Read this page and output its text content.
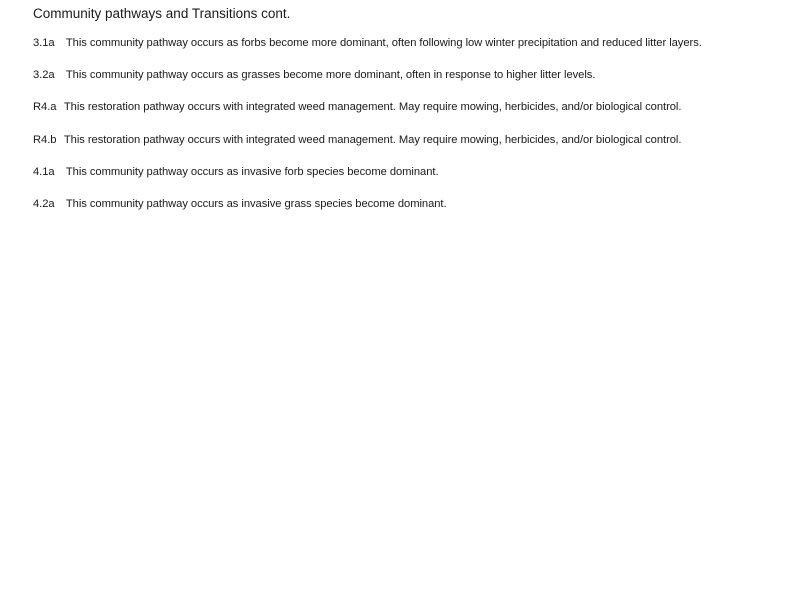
Community pathways and Transitions cont.
3.1a This community pathway occurs as forbs become more dominant, often following low winter precipitation and reduced litter layers.
3.2a This community pathway occurs as grasses become more dominant, often in response to higher litter levels.
R4.a This restoration pathway occurs with integrated weed management. May require mowing, herbicides, and/or biological control.
R4.b This restoration pathway occurs with integrated weed management. May require mowing, herbicides, and/or biological control.
4.1a This community pathway occurs as invasive forb species become dominant.
4.2a This community pathway occurs as invasive grass species become dominant.
